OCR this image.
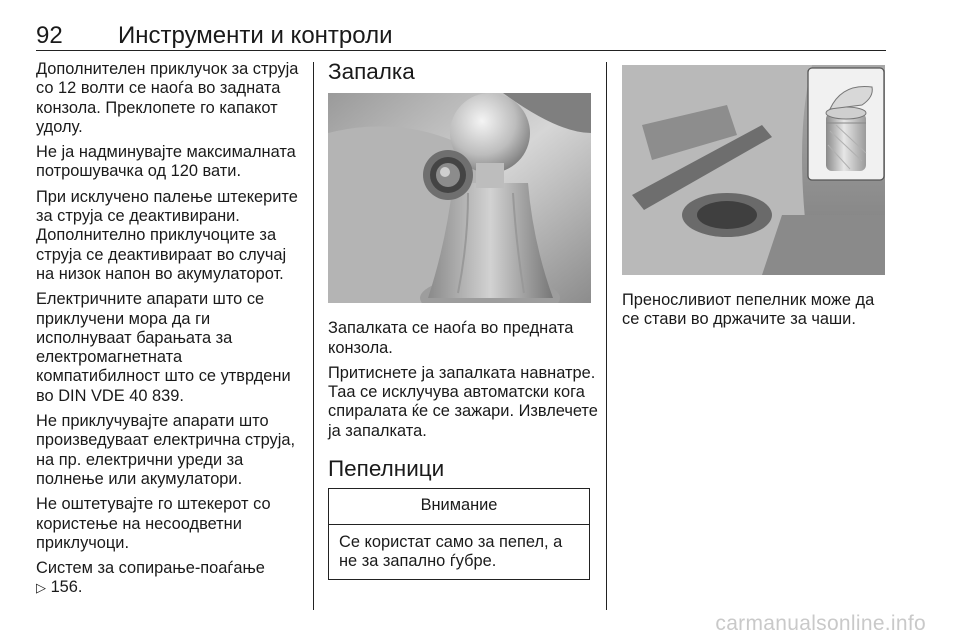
92 Инструменти и контроли

Дополнителен приклучок за струја со 12 волти се наоѓа во задната конзола. Преклопете го капакот удолу.

Не ја надминувајте максималната потрошувачка од 120 вати.

При исклучено палење штекерите за струја се деактивирани. Дополнително приклучоците за струја се деактивираат во случај на низок напон во акумулаторот.

Електричните апарати што се приклучени мора да ги исполнуваат барањата за електромагнетната компатибилност што се утврдени во DIN VDE 40 839.

Не приклучувајте апарати што произведуваат електрична струја, на пр. електрични уреди за полнење или акумулатори.

Не оштетувајте го штекерот со користење на несоодветни приклучоци.

Систем за сопирање-поаѓање
▷ 156.

Запалка

Запалката се наоѓа во предната конзола.

Притиснете ја запалката навнатре. Таа се исклучува автоматски кога спиралата ќе се зажари. Извлечете ја запалката.

Пепелници
Внимание
Се користат само за пепел, а не за запално ѓубре.

Преносливиот пепелник може да се стави во држачите за чаши.

carmanualsonline.info
